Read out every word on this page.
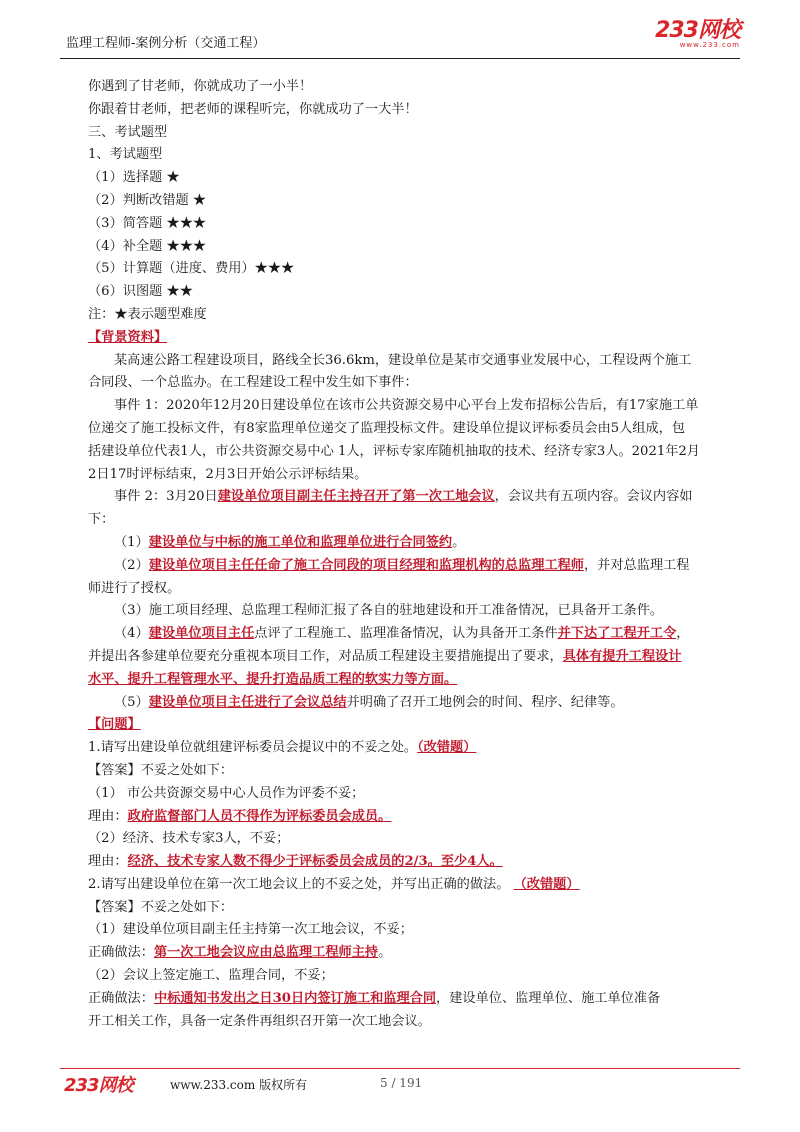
监理工程师-案例分析（交通工程）
233网校
www.233.com
你遇到了甘老师，你就成功了一小半！
你跟着甘老师，把老师的课程听完，你就成功了一大半！
三、考试题型
1、考试题型
（1）选择题 ★
（2）判断改错题 ★
（3）简答题 ★★★
（4）补全题 ★★★
（5）计算题（进度、费用）★★★
（6）识图题 ★★
注：★表示题型难度
【背景资料】
某高速公路工程建设项目，路线全长36.6km，建设单位是某市交通事业发展中心，工程设两个施工
合同段、一个总监办。在工程建设工程中发生如下事件：
事件 1：2020年12月20日建设单位在该市公共资源交易中心平台上发布招标公告后，有17家施工单
位递交了施工投标文件，有8家监理单位递交了监理投标文件。建设单位提议评标委员会由5人组成，包
括建设单位代表1人，市公共资源交易中心 1人，评标专家库随机抽取的技术、经济专家3人。2021年2月
2日17时评标结束，2月3日开始公示评标结果。
事件 2：3月20日建设单位项目副主任主持召开了第一次工地会议，会议共有五项内容。会议内容如
下：
（1）建设单位与中标的施工单位和监理单位进行合同签约。
（2）建设单位项目主任任命了施工合同段的项目经理和监理机构的总监理工程师，并对总监理工程
师进行了授权。
（3）施工项目经理、总监理工程师汇报了各自的驻地建设和开工准备情况，已具备开工条件。
（4）建设单位项目主任点评了工程施工、监理准备情况，认为具备开工条件并下达了工程开工令，
并提出各参建单位要充分重视本项目工作，对品质工程建设主要措施提出了要求，具体有提升工程设计
水平、提升工程管理水平、提升打造品质工程的软实力等方面。
（5）建设单位项目主任进行了会议总结并明确了召开工地例会的时间、程序、纪律等。
【问题】
1.请写出建设单位就组建评标委员会提议中的不妥之处。（改错题）
【答案】不妥之处如下：
（1） 市公共资源交易中心人员作为评委不妥；
理由：政府监督部门人员不得作为评标委员会成员。
（2）经济、技术专家3人，不妥；
理由：经济、技术专家人数不得少于评标委员会成员的2/3。至少4人。
2.请写出建设单位在第一次工地会议上的不妥之处，并写出正确的做法。 （改错题）
【答案】不妥之处如下：
（1）建设单位项目副主任主持第一次工地会议，不妥；
正确做法：第一次工地会议应由总监理工程师主持。
（2）会议上签定施工、监理合同，不妥；
正确做法：中标通知书发出之日30日内签订施工和监理合同，建设单位、监理单位、施工单位准备
开工相关工作，具备一定条件再组织召开第一次工地会议。
233网校	www.233.com 版权所有	5 / 191
